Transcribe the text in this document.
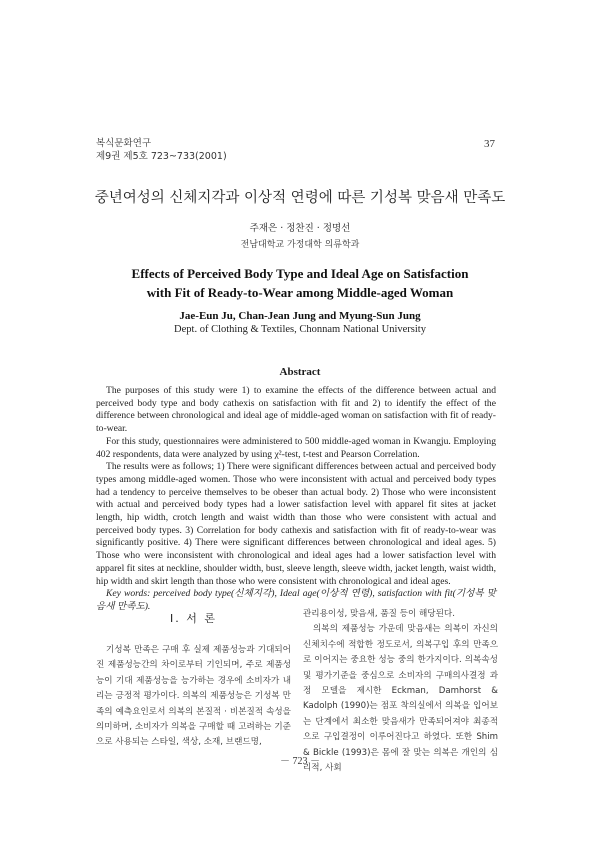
복식문화연구
제9권 제5호 723~733(2001)
37
중년여성의 신체지각과 이상적 연령에 따른 기성복 맞음새 만족도
주재은 · 정찬진 · 정명선
전남대학교 가정대학 의류학과
Effects of Perceived Body Type and Ideal Age on Satisfaction
with Fit of Ready-to-Wear among Middle-aged Woman
Jae-Eun Ju, Chan-Jean Jung and Myung-Sun Jung
Dept. of Clothing & Textiles, Chonnam National University
Abstract

The purposes of this study were 1) to examine the effects of the difference between actual and perceived body type and body cathexis on satisfaction with fit and 2) to identify the effect of the difference between chronological and ideal age of middle-aged woman on satisfaction with fit of ready-to-wear.

For this study, questionnaires were administered to 500 middle-aged woman in Kwangju. Employing 402 respondents, data were analyzed by using χ²-test, t-test and Pearson Correlation.

The results were as follows; 1) There were significant differences between actual and perceived body types among middle-aged women. Those who were inconsistent with actual and perceived body types had a tendency to perceive themselves to be obeser than actual body. 2) Those who were inconsistent with actual and perceived body types had a lower satisfaction level with apparel fit sites at jacket length, hip width, crotch length and waist width than those who were consistent with actual and perceived body types. 3) Correlation for body cathexis and satisfaction with fit of ready-to-wear was significantly positive. 4) There were significant differences between chronological and ideal ages. 5) Those who were inconsistent with chronological and ideal ages had a lower satisfaction level with apparel fit sites at neckline, shoulder width, bust, sleeve length, sleeve width, jacket length, waist width, hip width and skirt length than those who were consistent with chronological and ideal ages.

Key words: perceived body type(신체지각), Ideal age(이상적 연령), satisfaction with fit(기성복 맞음새 만족도).

Ⅰ. 서 론

기성복 만족은 구매 후 실제 제품성능과 기대되어진 제품성능간의 차이로부터 기인되며, 주로 제품성능이 기대 제품성능을 능가하는 경우에 소비자가 내리는 긍정적 평가이다. 의복의 제품성능은 기성복 만족의 예측요인로서 의복의 본질적 · 비본질적 속성을 의미하며, 소비자가 의복을 구매할 때 고려하는 기준으로 사용되는 스타일, 색상, 소재, 브랜드명,

관리용이성, 맞음새, 품질 등이 해당된다.

의복의 제품성능 가운데 맞음새는 의복이 자신의 신체치수에 적합한 정도로서, 의복구입 후의 만족으로 이어지는 중요한 성능 중의 한가지이다. 의복속성 및 평가기준을 중심으로 소비자의 구매의사결정 과정 모델을 제시한 Eckman, Damhorst & Kadolph (1990)는 점포 착의실에서 의복을 입어보는 단계에서 최소한 맞음새가 만족되어져야 최종적으로 구입결정이 이루어진다고 하였다. 또한 Shim & Bickle (1993)은 몸에 잘 맞는 의복은 개인의 심리적, 사회

－ 723 －
